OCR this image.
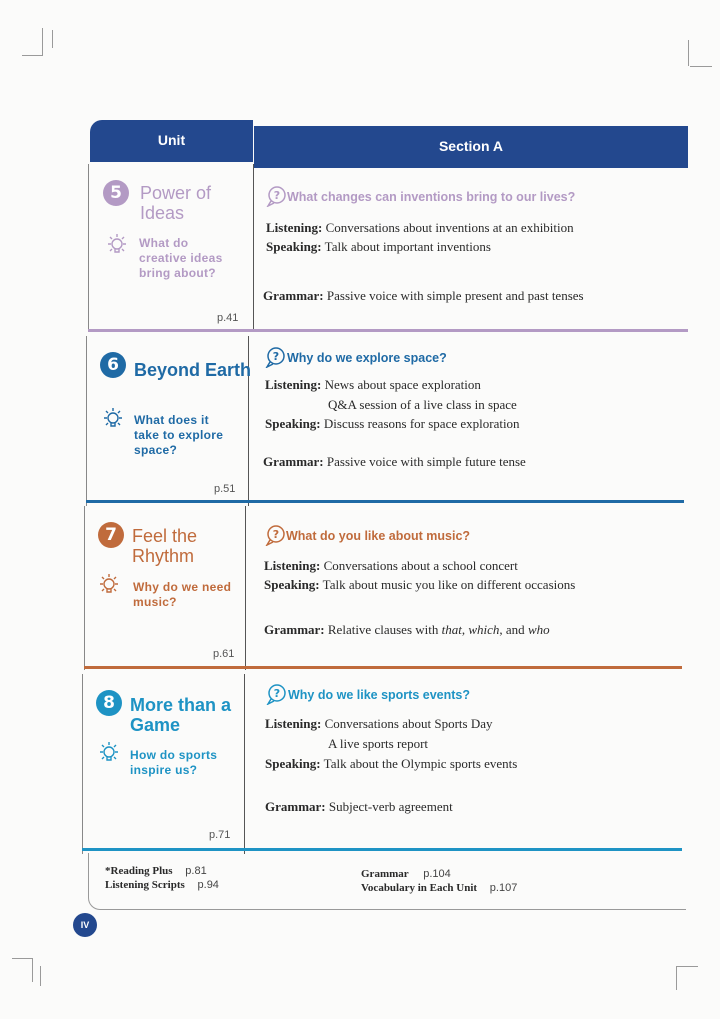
Unit	Section A
5	Power of Ideas
What do creative ideas bring about?
p.41
? What changes can inventions bring to our lives?
Listening: Conversations about inventions at an exhibition
Speaking: Talk about important inventions
Grammar: Passive voice with simple present and past tenses
6 Beyond Earth
What does it take to explore space?
p.51
? Why do we explore space?
Listening: News about space exploration
Q&A session of a live class in space
Speaking: Discuss reasons for space exploration
Grammar: Passive voice with simple future tense
7 Feel the Rhythm
Why do we need music?
p.61
? What do you like about music?
Listening: Conversations about a school concert
Speaking: Talk about music you like on different occasions
Grammar: Relative clauses with that, which, and who
8 More than a Game
How do sports inspire us?
p.71
? Why do we like sports events?
Listening: Conversations about Sports Day
A live sports report
Speaking: Talk about the Olympic sports events
Grammar: Subject-verb agreement
*Reading Plus p.81
Listening Scripts p.94
Grammar p.104
Vocabulary in Each Unit p.107
IV
